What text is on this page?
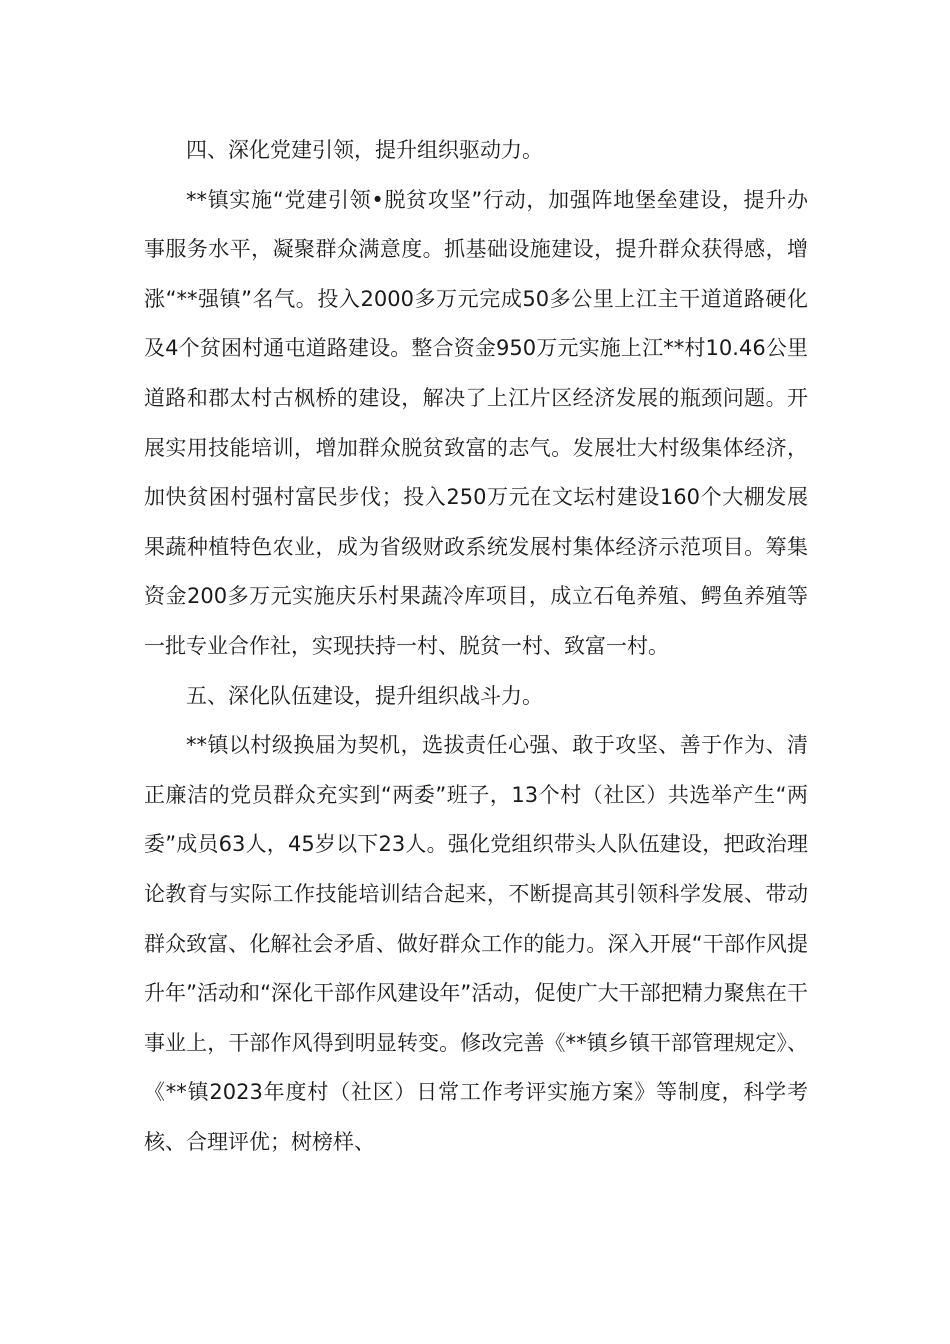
四、深化党建引领，提升组织驱动力。

**镇实施“党建引领•脱贫攻坚”行动，加强阵地堡垒建设，提升办事服务水平，凝聚群众满意度。抓基础设施建设，提升群众获得感，增涨“**强镇”名气。投入2000多万元完成50多公里上江主干道道路硬化及4个贫困村通屯道路建设。整合资金950万元实施上江**村10.46公里道路和郡太村古枫桥的建设，解决了上江片区经济发展的瓶颈问题。开展实用技能培训，增加群众脱贫致富的志气。发展壮大村级集体经济，加快贫困村强村富民步伐；投入250万元在文坛村建设160个大棚发展果蔬种植特色农业，成为省级财政系统发展村集体经济示范项目。筹集资金200多万元实施庆乐村果蔬冷库项目，成立石龟养殖、鳄鱼养殖等一批专业合作社，实现扶持一村、脱贫一村、致富一村。

五、深化队伍建设，提升组织战斗力。

**镇以村级换届为契机，选拔责任心强、敢于攻坚、善于作为、清正廉洁的党员群众充实到“两委”班子，13个村（社区）共选举产生“两委”成员63人，45岁以下23人。强化党组织带头人队伍建设，把政治理论教育与实际工作技能培训结合起来，不断提高其引领科学发展、带动群众致富、化解社会矛盾、做好群众工作的能力。深入开展“干部作风提升年”活动和“深化干部作风建设年”活动，促使广大干部把精力聚焦在干事业上，干部作风得到明显转变。修改完善《**镇乡镇干部管理规定》、《**镇2023年度村（社区）日常工作考评实施方案》等制度，科学考核、合理评优；树榜样、
